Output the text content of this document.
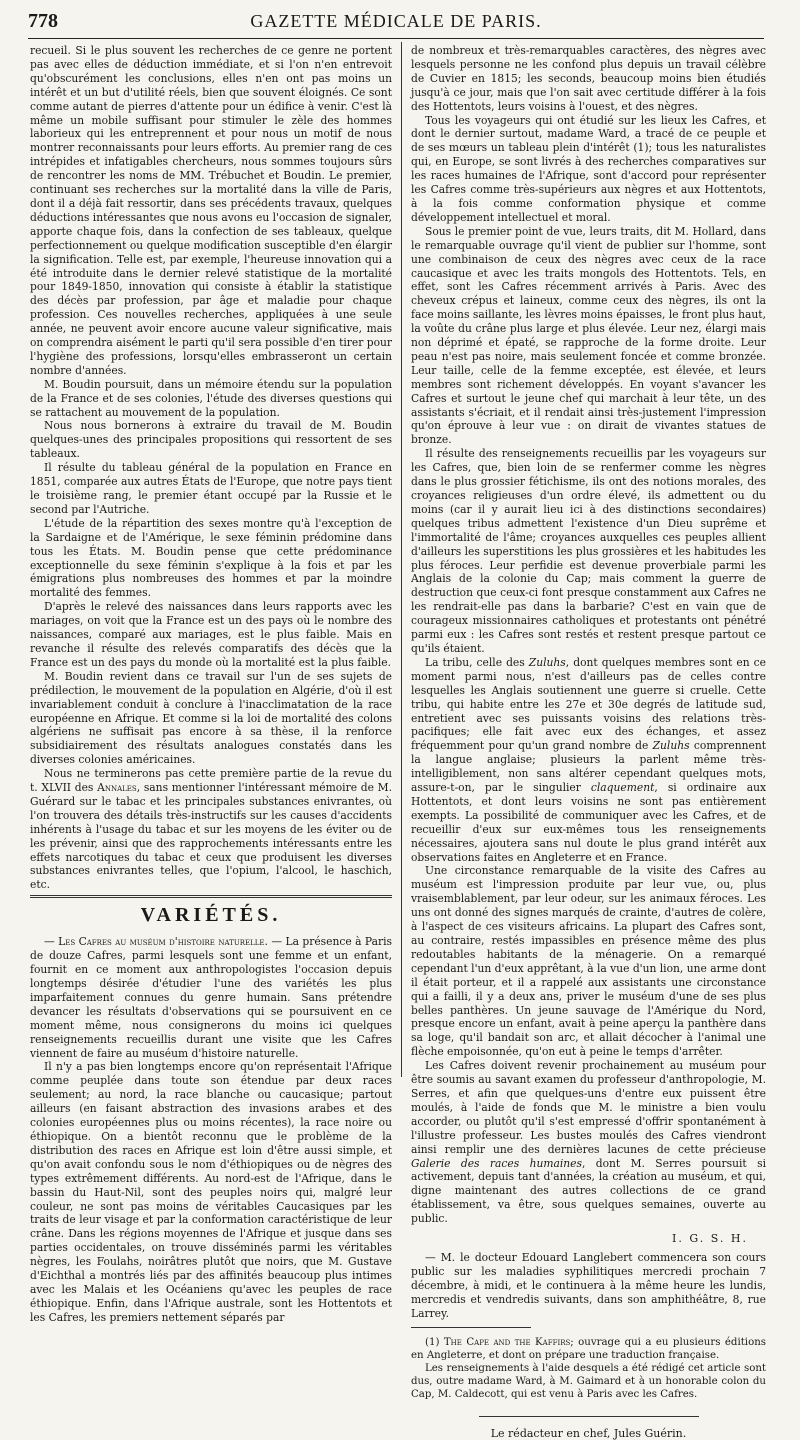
778	GAZETTE MÉDICALE DE PARIS.

recueil. Si le plus souvent les recherches de ce genre ne portent pas avec elles de déduction immédiate, et si l'on n'en entrevoit qu'obscurément les conclusions, elles n'en ont pas moins un intérêt et un but d'utilité réels, bien que souvent éloignés. Ce sont comme autant de pierres d'attente pour un édifice à venir. C'est là même un mobile suffisant pour stimuler le zèle des hommes laborieux qui les entreprennent et pour nous un motif de nous montrer reconnaissants pour leurs efforts. Au premier rang de ces intrépides et infatigables chercheurs, nous sommes toujours sûrs de rencontrer les noms de MM. Trébuchet et Boudin. Le premier, continuant ses recherches sur la mortalité dans la ville de Paris, dont il a déjà fait ressortir, dans ses précédents travaux, quelques déductions intéressantes que nous avons eu l'occasion de signaler, apporte chaque fois, dans la confection de ses tableaux, quelque perfectionnement ou quelque modification susceptible d'en élargir la signification. Telle est, par exemple, l'heureuse innovation qui a été introduite dans le dernier relevé statistique de la mortalité pour 1849-1850, innovation qui consiste à établir la statistique des décès par profession, par âge et maladie pour chaque profession. Ces nouvelles recherches, appliquées à une seule année, ne peuvent avoir encore aucune valeur significative, mais on comprendra aisément le parti qu'il sera possible d'en tirer pour l'hygiène des professions, lorsqu'elles embrasseront un certain nombre d'années.

M. Boudin poursuit, dans un mémoire étendu sur la population de la France et de ses colonies, l'étude des diverses questions qui se rattachent au mouvement de la population.

Nous nous bornerons à extraire du travail de M. Boudin quelques-unes des principales propositions qui ressortent de ses tableaux.

Il résulte du tableau général de la population en France en 1851, comparée aux autres États de l'Europe, que notre pays tient le troisième rang, le premier étant occupé par la Russie et le second par l'Autriche.

L'étude de la répartition des sexes montre qu'à l'exception de la Sardaigne et de l'Amérique, le sexe féminin prédomine dans tous les États. M. Boudin pense que cette prédominance exceptionnelle du sexe féminin s'explique à la fois et par les émigrations plus nombreuses des hommes et par la moindre mortalité des femmes.

D'après le relevé des naissances dans leurs rapports avec les mariages, on voit que la France est un des pays où le nombre des naissances, comparé aux mariages, est le plus faible. Mais en revanche il résulte des relevés comparatifs des décès que la France est un des pays du monde où la mortalité est la plus faible.

M. Boudin revient dans ce travail sur l'un de ses sujets de prédilection, le mouvement de la population en Algérie, d'où il est invariablement conduit à conclure à l'inacclimatation de la race européenne en Afrique. Et comme si la loi de mortalité des colons algériens ne suffisait pas encore à sa thèse, il la renforce subsidiairement des résultats analogues constatés dans les diverses colonies américaines.

Nous ne terminerons pas cette première partie de la revue du t. XLVII des Annales, sans mentionner l'intéressant mémoire de M. Guérard sur le tabac et les principales substances enivrantes, où l'on trouvera des détails très-instructifs sur les causes d'accidents inhérents à l'usage du tabac et sur les moyens de les éviter ou de les prévenir, ainsi que des rapprochements intéressants entre les effets narcotiques du tabac et ceux que produisent les diverses substances enivrantes telles, que l'opium, l'alcool, le haschich, etc.

VARIÉTÉS.

— Les Cafres au muséum d'histoire naturelle. — La présence à Paris de douze Cafres, parmi lesquels sont une femme et un enfant, fournit en ce moment aux anthropologistes l'occasion depuis longtemps désirée d'étudier l'une des variétés les plus imparfaitement connues du genre humain. Sans prétendre devancer les résultats d'observations qui se poursuivent en ce moment même, nous consignerons du moins ici quelques renseignements recueillis durant une visite que les Cafres viennent de faire au muséum d'histoire naturelle.

Il n'y a pas bien longtemps encore qu'on représentait l'Afrique comme peuplée dans toute son étendue par deux races seulement; au nord, la race blanche ou caucasique; partout ailleurs (en faisant abstraction des invasions arabes et des colonies européennes plus ou moins récentes), la race noire ou éthiopique. On a bientôt reconnu que le problème de la distribution des races en Afrique est loin d'être aussi simple, et qu'on avait confondu sous le nom d'éthiopiques ou de nègres des types extrêmement différents. Au nord-est de l'Afrique, dans le bassin du Haut-Nil, sont des peuples noirs qui, malgré leur couleur, ne sont pas moins de véritables Caucasiques par les traits de leur visage et par la conformation caractéristique de leur crâne. Dans les régions moyennes de l'Afrique et jusque dans ses parties occidentales, on trouve disséminés parmi les véritables nègres, les Foulahs, noirâtres plutôt que noirs, que M. Gustave d'Eichthal a montrés liés par des affinités beaucoup plus intimes avec les Malais et les Océaniens qu'avec les peuples de race éthiopique. Enfin, dans l'Afrique australe, sont les Hottentots et les Cafres, les premiers nettement séparés par

de nombreux et très-remarquables caractères, des nègres avec lesquels personne ne les confond plus depuis un travail célèbre de Cuvier en 1815; les seconds, beaucoup moins bien étudiés jusqu'à ce jour, mais que l'on sait avec certitude différer à la fois des Hottentots, leurs voisins à l'ouest, et des nègres.

Tous les voyageurs qui ont étudié sur les lieux les Cafres, et dont le dernier surtout, madame Ward, a tracé de ce peuple et de ses mœurs un tableau plein d'intérêt (1); tous les naturalistes qui, en Europe, se sont livrés à des recherches comparatives sur les races humaines de l'Afrique, sont d'accord pour représenter les Cafres comme très-supérieurs aux nègres et aux Hottentots, à la fois comme conformation physique et comme développement intellectuel et moral.

Sous le premier point de vue, leurs traits, dit M. Hollard, dans le remarquable ouvrage qu'il vient de publier sur l'homme, sont une combinaison de ceux des nègres avec ceux de la race caucasique et avec les traits mongols des Hottentots. Tels, en effet, sont les Cafres récemment arrivés à Paris. Avec des cheveux crépus et laineux, comme ceux des nègres, ils ont la face moins saillante, les lèvres moins épaisses, le front plus haut, la voûte du crâne plus large et plus élevée. Leur nez, élargi mais non déprimé et épaté, se rapproche de la forme droite. Leur peau n'est pas noire, mais seulement foncée et comme bronzée. Leur taille, celle de la femme exceptée, est élevée, et leurs membres sont richement développés. En voyant s'avancer les Cafres et surtout le jeune chef qui marchait à leur tête, un des assistants s'écriait, et il rendait ainsi très-justement l'impression qu'on éprouve à leur vue : on dirait de vivantes statues de bronze.

Il résulte des renseignements recueillis par les voyageurs sur les Cafres, que, bien loin de se renfermer comme les nègres dans le plus grossier fétichisme, ils ont des notions morales, des croyances religieuses d'un ordre élevé, ils admettent ou du moins (car il y aurait lieu ici à des distinctions secondaires) quelques tribus admettent l'existence d'un Dieu suprême et l'immortalité de l'âme; croyances auxquelles ces peuples allient d'ailleurs les superstitions les plus grossières et les habitudes les plus féroces. Leur perfidie est devenue proverbiale parmi les Anglais de la colonie du Cap; mais comment la guerre de destruction que ceux-ci font presque constamment aux Cafres ne les rendrait-elle pas dans la barbarie? C'est en vain que de courageux missionnaires catholiques et protestants ont pénétré parmi eux : les Cafres sont restés et restent presque partout ce qu'ils étaient.

La tribu, celle des Zuluhs, dont quelques membres sont en ce moment parmi nous, n'est d'ailleurs pas de celles contre lesquelles les Anglais soutiennent une guerre si cruelle. Cette tribu, qui habite entre les 27e et 30e degrés de latitude sud, entretient avec ses puissants voisins des relations très-pacifiques; elle fait avec eux des échanges, et assez fréquemment pour qu'un grand nombre de Zuluhs comprennent la langue anglaise; plusieurs la parlent même très-intelligiblement, non sans altérer cependant quelques mots, assure-t-on, par le singulier claquement, si ordinaire aux Hottentots, et dont leurs voisins ne sont pas entièrement exempts. La possibilité de communiquer avec les Cafres, et de recueillir d'eux sur eux-mêmes tous les renseignements nécessaires, ajoutera sans nul doute le plus grand intérêt aux observations faites en Angleterre et en France.

Une circonstance remarquable de la visite des Cafres au muséum est l'impression produite par leur vue, ou, plus vraisemblablement, par leur odeur, sur les animaux féroces. Les uns ont donné des signes marqués de crainte, d'autres de colère, à l'aspect de ces visiteurs africains. La plupart des Cafres sont, au contraire, restés impassibles en présence même des plus redoutables habitants de la ménagerie. On a remarqué cependant l'un d'eux apprêtant, à la vue d'un lion, une arme dont il était porteur, et il a rappelé aux assistants une circonstance qui a failli, il y a deux ans, priver le muséum d'une de ses plus belles panthères. Un jeune sauvage de l'Amérique du Nord, presque encore un enfant, avait à peine aperçu la panthère dans sa loge, qu'il bandait son arc, et allait décocher à l'animal une flèche empoisonnée, qu'on eut à peine le temps d'arrêter.

Les Cafres doivent revenir prochainement au muséum pour être soumis au savant examen du professeur d'anthropologie, M. Serres, et afin que quelques-uns d'entre eux puissent être moulés, à l'aide de fonds que M. le ministre a bien voulu accorder, ou plutôt qu'il s'est empressé d'offrir spontanément à l'illustre professeur. Les bustes moulés des Cafres viendront ainsi remplir une des dernières lacunes de cette précieuse Galerie des races humaines, dont M. Serres poursuit si activement, depuis tant d'années, la création au muséum, et qui, digne maintenant des autres collections de ce grand établissement, va être, sous quelques semaines, ouverte au public.

I. G. S. H.

— M. le docteur Edouard Langlebert commencera son cours public sur les maladies syphilitiques mercredi prochain 7 décembre, à midi, et le continuera à la même heure les lundis, mercredis et vendredis suivants, dans son amphithéâtre, 8, rue Larrey.

(1) The Cape and the Kaffirs; ouvrage qui a eu plusieurs éditions en Angleterre, et dont on prépare une traduction française.

Les renseignements à l'aide desquels a été rédigé cet article sont dus, outre madame Ward, à M. Gaimard et à un honorable colon du Cap, M. Caldecott, qui est venu à Paris avec les Cafres.

Le rédacteur en chef, Jules Guérin.
